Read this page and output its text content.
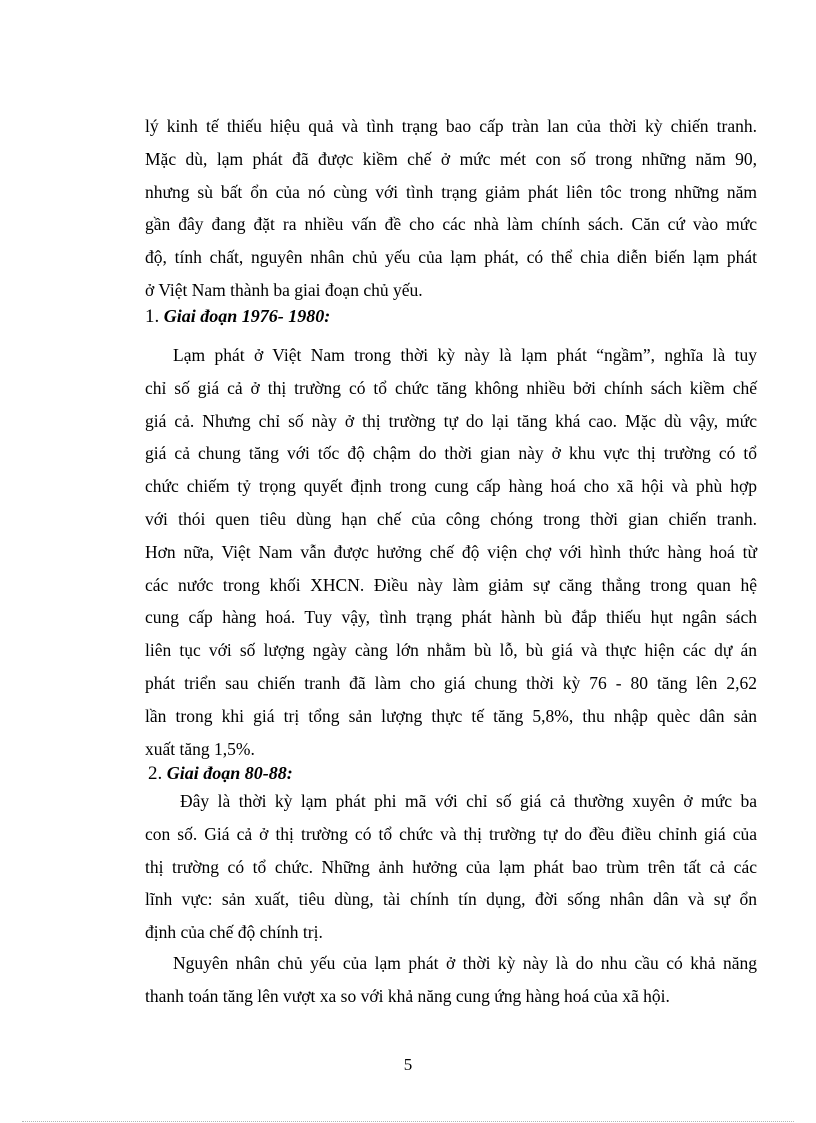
lý kinh tế thiếu hiệu quả và tình trạng bao cấp tràn lan của thời kỳ chiến tranh.
Mặc dù, lạm phát đã được kiềm chế ở mức mét con số trong những năm 90,
nhưng sù bất ổn của nó cùng với tình trạng giảm phát liên tôc trong những năm
gần đây đang đặt ra nhiều vấn đề cho các nhà làm chính sách. Căn cứ vào mức
độ, tính chất, nguyên nhân chủ yếu của lạm phát, có thể chia diễn biến lạm phát
ở Việt Nam thành ba giai đoạn chủ yếu.
1. Giai đoạn 1976- 1980:
Lạm phát ở Việt Nam trong thời kỳ này là lạm phát “ngầm”, nghĩa là tuy
chỉ số giá cả ở thị trường có tổ chức tăng không nhiều bởi chính sách kiềm chế
giá cả. Nhưng chỉ số này ở thị trường tự do lại tăng khá cao. Mặc dù vậy, mức
giá cả chung tăng với tốc độ chậm do thời gian này ở khu vực thị trường có tổ
chức chiếm tỷ trọng quyết định trong cung cấp hàng hoá cho xã hội và phù hợp
với thói quen tiêu dùng hạn chế của công chóng trong thời gian chiến tranh.
Hơn nữa, Việt Nam vẫn được hưởng chế độ viện chợ với hình thức hàng hoá từ
các nước trong khối XHCN. Điều này làm giảm sự căng thẳng trong quan hệ
cung cấp hàng hoá. Tuy vậy, tình trạng phát hành bù đắp thiếu hụt ngân sách
liên tục với số lượng ngày càng lớn nhằm bù lỗ, bù giá và thực hiện các dự án
phát triển sau chiến tranh đã làm cho giá chung thời kỳ 76 - 80 tăng lên 2,62
lần trong khi giá trị tổng sản lượng thực tế tăng 5,8%, thu nhập quèc dân sản
xuất tăng 1,5%.
2. Giai đoạn 80-88:
Đây là thời kỳ lạm phát phi mã với chỉ số giá cả thường xuyên ở mức ba
con số. Giá cả ở thị trường có tổ chức và thị trường tự do đều điều chỉnh giá của
thị trường có tổ chức. Những ảnh hưởng của lạm phát bao trùm trên tất cả các
lĩnh vực: sản xuất, tiêu dùng, tài chính tín dụng, đời sống nhân dân và sự ổn
định của chế độ chính trị.
Nguyên nhân chủ yếu của lạm phát ở thời kỳ này là do nhu cầu có khả năng
thanh toán tăng lên vượt xa so với khả năng cung ứng hàng hoá của xã hội.
5
